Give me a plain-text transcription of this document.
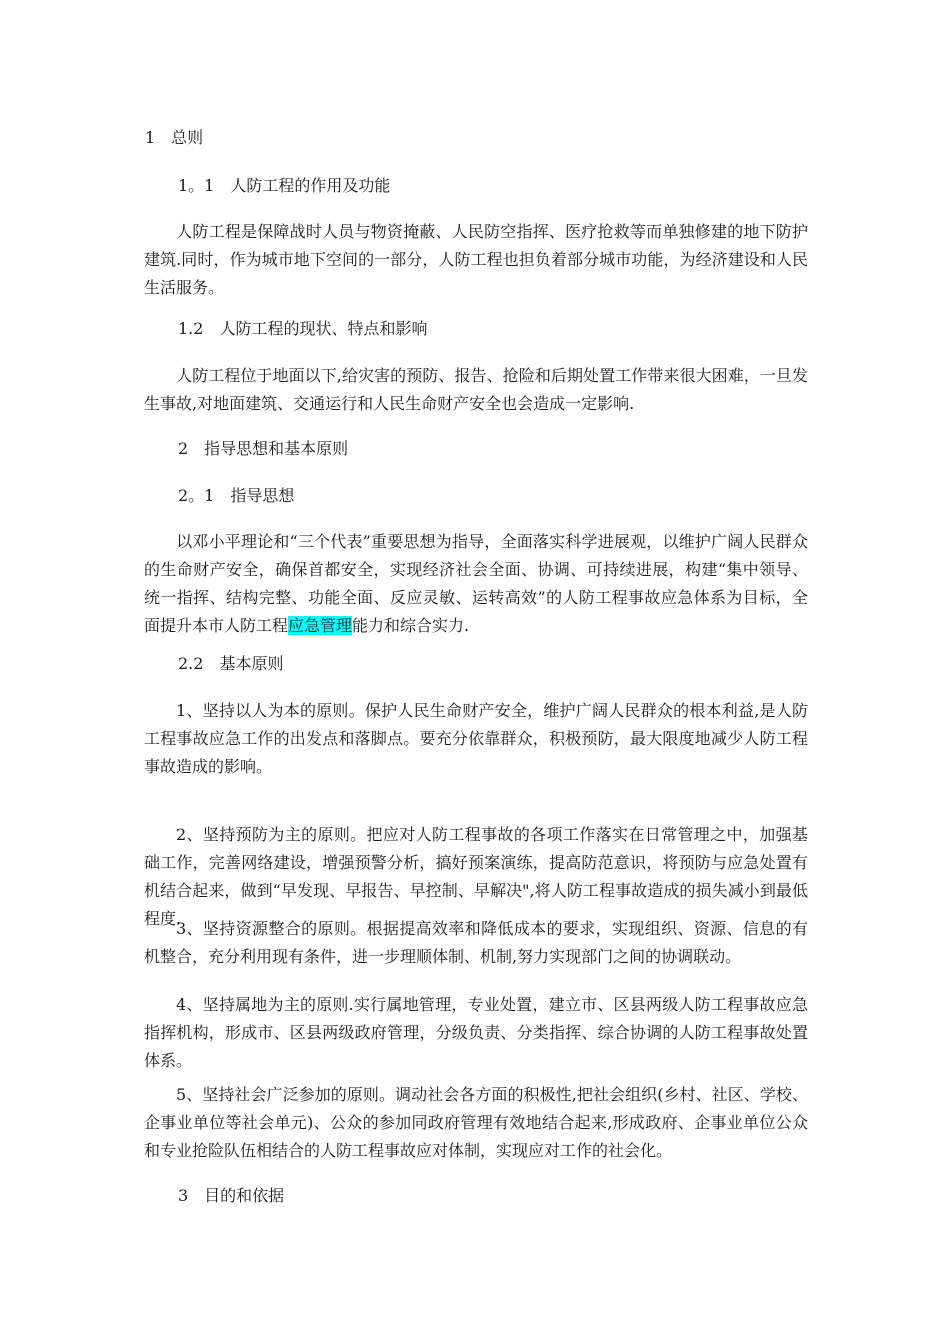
1　总则

1。1　人防工程的作用及功能

人防工程是保障战时人员与物资掩蔽、人民防空指挥、医疗抢救等而单独修建的地下防护建筑.同时，作为城市地下空间的一部分，人防工程也担负着部分城市功能，为经济建设和人民生活服务。

1.2　人防工程的现状、特点和影响

人防工程位于地面以下,给灾害的预防、报告、抢险和后期处置工作带来很大困难，一旦发生事故,对地面建筑、交通运行和人民生命财产安全也会造成一定影响.

2　指导思想和基本原则

2。1　指导思想

以邓小平理论和“三个代表”重要思想为指导，全面落实科学进展观，以维护广阔人民群众的生命财产安全，确保首都安全，实现经济社会全面、协调、可持续进展，构建“集中领导、统一指挥、结构完整、功能全面、反应灵敏、运转高效”的人防工程事故应急体系为目标，全面提升本市人防工程应急管理能力和综合实力.

2.2　基本原则

1、坚持以人为本的原则。保护人民生命财产安全，维护广阔人民群众的根本利益,是人防工程事故应急工作的出发点和落脚点。要充分依靠群众，积极预防，最大限度地减少人防工程事故造成的影响。

2、坚持预防为主的原则。把应对人防工程事故的各项工作落实在日常管理之中，加强基础工作，完善网络建设，增强预警分析，搞好预案演练，提高防范意识，将预防与应急处置有机结合起来，做到“早发现、早报告、早控制、早解决",将人防工程事故造成的损失减小到最低程度.

3、坚持资源整合的原则。根据提高效率和降低成本的要求，实现组织、资源、信息的有机整合，充分利用现有条件，进一步理顺体制、机制,努力实现部门之间的协调联动。

4、坚持属地为主的原则.实行属地管理，专业处置，建立市、区县两级人防工程事故应急指挥机构，形成市、区县两级政府管理，分级负责、分类指挥、综合协调的人防工程事故处置体系。

5、坚持社会广泛参加的原则。调动社会各方面的积极性,把社会组织(乡村、社区、学校、企事业单位等社会单元)、公众的参加同政府管理有效地结合起来,形成政府、企事业单位公众和专业抢险队伍相结合的人防工程事故应对体制，实现应对工作的社会化。

3　目的和依据
